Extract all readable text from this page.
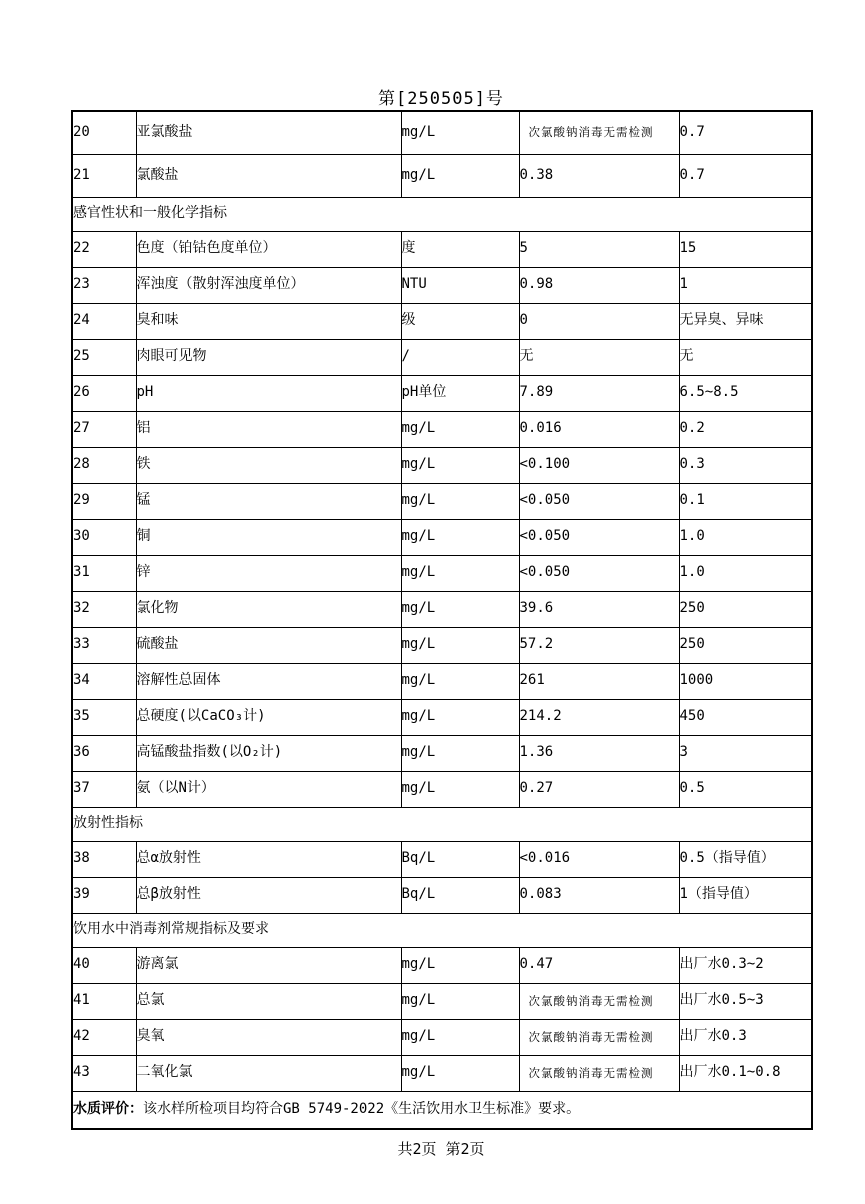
第[250505]号
20	亚氯酸盐	mg/L	次氯酸钠消毒无需检测	0.7
21	氯酸盐	mg/L	0.38	0.7
感官性状和一般化学指标				
22	色度（铂钴色度单位）	度	5	15
23	浑浊度（散射浑浊度单位）	NTU	0.98	1
24	臭和味	级	0	无异臭、异味
25	肉眼可见物	/	无	无
26	pH	pH单位	7.89	6.5~8.5
27	铝	mg/L	0.016	0.2
28	铁	mg/L	<0.100	0.3
29	锰	mg/L	<0.050	0.1
30	铜	mg/L	<0.050	1.0
31	锌	mg/L	<0.050	1.0
32	氯化物	mg/L	39.6	250
33	硫酸盐	mg/L	57.2	250
34	溶解性总固体	mg/L	261	1000
35	总硬度(以CaCO₃计)	mg/L	214.2	450
36	高锰酸盐指数(以O₂计)	mg/L	1.36	3
37	氨（以N计）	mg/L	0.27	0.5
放射性指标				
38	总α放射性	Bq/L	<0.016	0.5（指导值）
39	总β放射性	Bq/L	0.083	1（指导值）
饮用水中消毒剂常规指标及要求				
40	游离氯	mg/L	0.47	出厂水0.3~2
41	总氯	mg/L	次氯酸钠消毒无需检测	出厂水0.5~3
42	臭氧	mg/L	次氯酸钠消毒无需检测	出厂水0.3
43	二氧化氯	mg/L	次氯酸钠消毒无需检测	出厂水0.1~0.8
水质评价：该水样所检项目均符合GB 5749-2022《生活饮用水卫生标准》要求。				
共2页 第2页
